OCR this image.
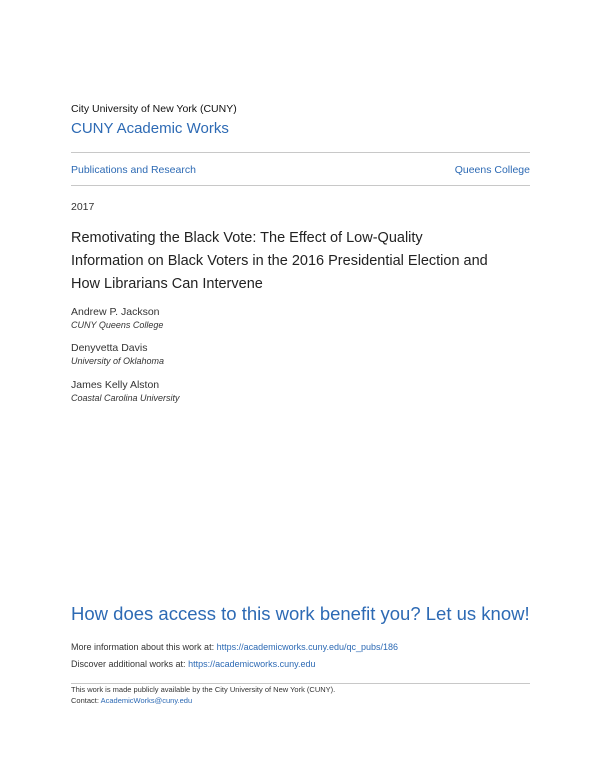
City University of New York (CUNY)
CUNY Academic Works
Publications and Research	Queens College
2017
Remotivating the Black Vote: The Effect of Low-Quality
Information on Black Voters in the 2016 Presidential Election and
How Librarians Can Intervene
Andrew P. Jackson
CUNY Queens College
Denyvetta Davis
University of Oklahoma
James Kelly Alston
Coastal Carolina University
How does access to this work benefit you? Let us know!
More information about this work at: https://academicworks.cuny.edu/qc_pubs/186
Discover additional works at: https://academicworks.cuny.edu
This work is made publicly available by the City University of New York (CUNY).
Contact: AcademicWorks@cuny.edu
